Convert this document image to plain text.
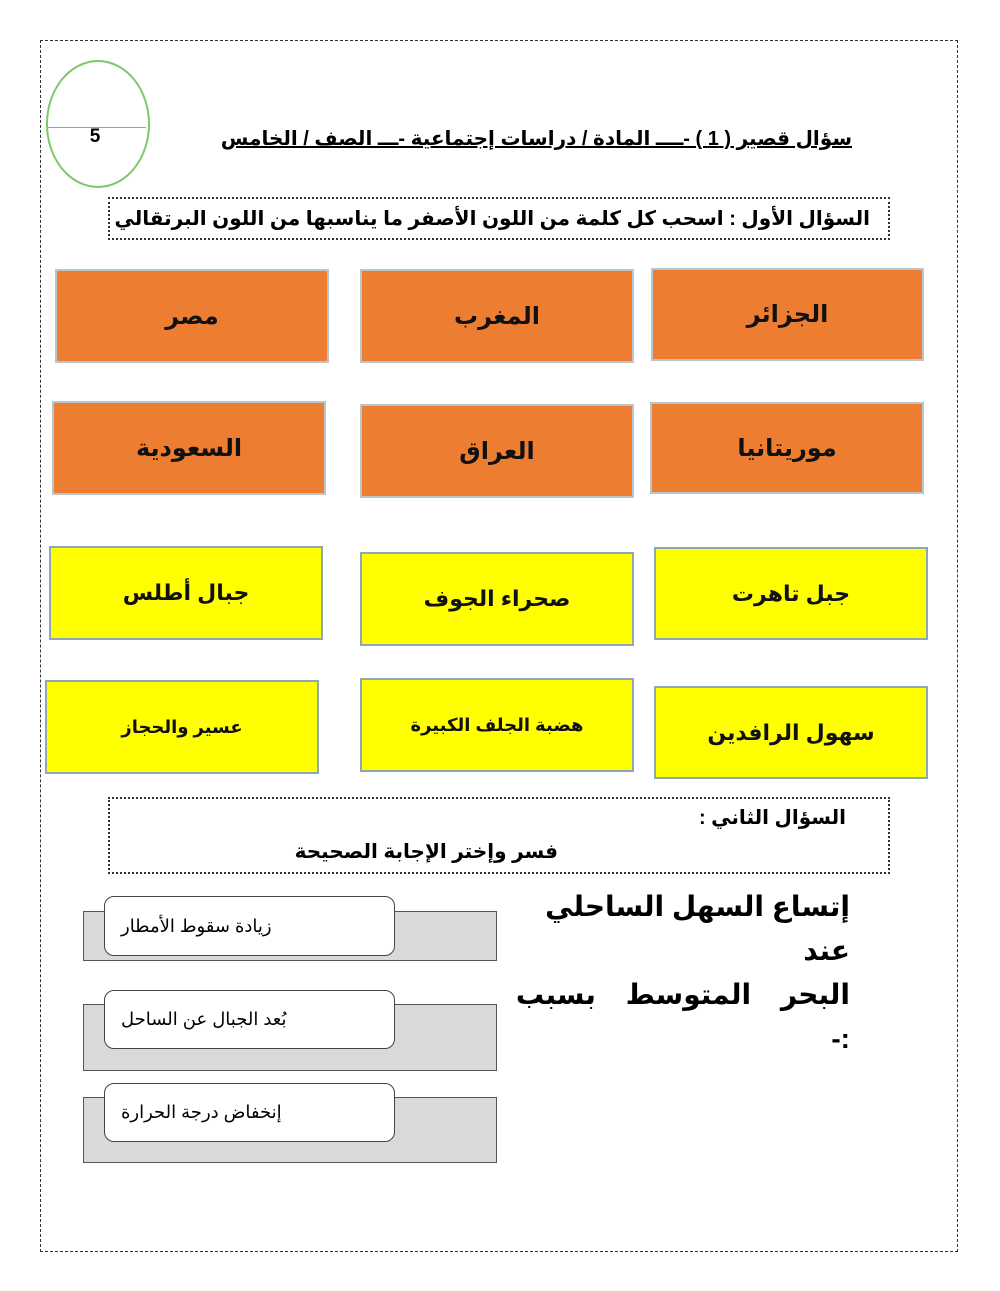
5	سؤال قصير ( 1 ) -ــــ المادة / دراسات إجتماعية -ـــ الصف / الخامس
السؤال الأول : اسحب كل كلمة من اللون الأصفر ما يناسبها من اللون البرتقالي
الجزائر
المغرب
مصر
موريتانيا
العراق
السعودية
جبل تاهرت
صحراء الجوف
جبال أطلس
سهول الرافدين
هضبة الجلف الكبيرة
عسير والحجاز
السؤال الثاني :
فسر وإختر الإجابة الصحيحة
إتساع السهل الساحلي عند
البحر المتوسط بسبب :-
زيادة سقوط الأمطار
بُعد الجبال عن الساحل
إنخفاض درجة الحرارة
